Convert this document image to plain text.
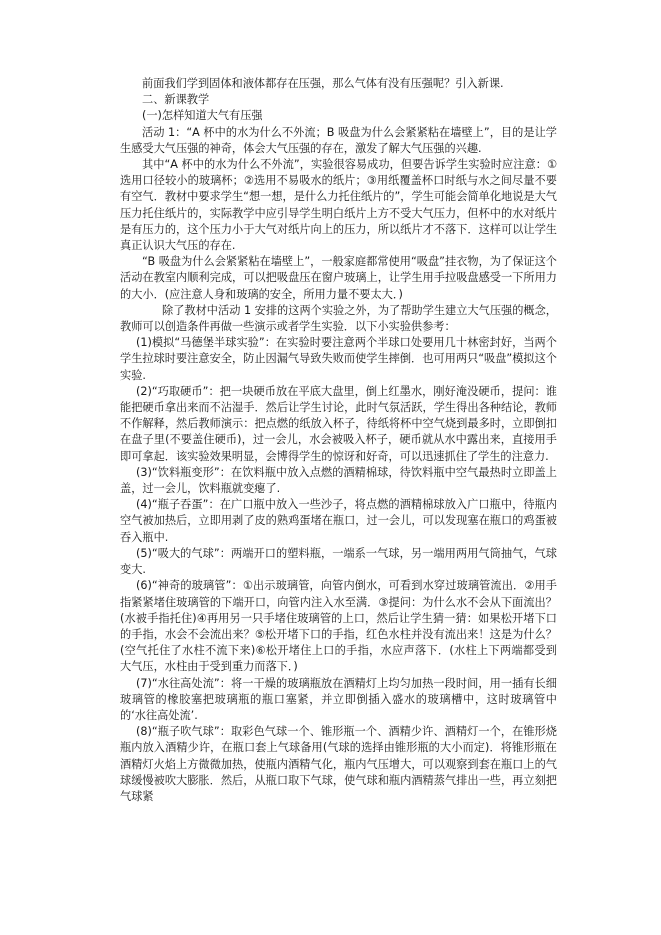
前面我们学到固体和液体都存在压强，那么气体有没有压强呢？引入新课.

二、新课教学

(一)怎样知道大气有压强

活动 1：“A 杯中的水为什么不外流；B 吸盘为什么会紧紧粘在墙壁上”，目的是让学生感受大气压强的神奇，体会大气压强的存在，激发了解大气压强的兴趣.

其中“A 杯中的水为什么不外流”，实验很容易成功，但要告诉学生实验时应注意：①选用口径较小的玻璃杯；②选用不易吸水的纸片；③用纸覆盖杯口时纸与水之间尽量不要有空气．教材中要求学生“想一想，是什么力托住纸片的”，学生可能会简单化地说是大气压力托住纸片的，实际教学中应引导学生明白纸片上方不受大气压力，但杯中的水对纸片是有压力的，这个压力小于大气对纸片向上的压力，所以纸片才不落下．这样可以让学生真正认识大气压的存在.

“B 吸盘为什么会紧紧粘在墙壁上”，一般家庭都常使用“吸盘”挂衣物，为了保证这个活动在教室内顺利完成，可以把吸盘压在窗户玻璃上，让学生用手拉吸盘感受一下所用力的大小．(应注意人身和玻璃的安全，所用力量不要太大．)

除了教材中活动 1 安排的这两个实验之外，为了帮助学生建立大气压强的概念，教师可以创造条件再做一些演示或者学生实验．以下小实验供参考：

(1)模拟“马德堡半球实验”：在实验时要注意两个半球口处要用几十林密封好，当两个学生拉球时要注意安全，防止因漏气导致失败而使学生摔倒．也可用两只“吸盘”模拟这个实验.

(2)“巧取硬币”：把一块硬币放在平底大盘里，倒上红墨水，刚好淹没硬币，提问：谁能把硬币拿出来而不沾湿手．然后让学生讨论，此时气氛活跃，学生得出各种结论，教师不作解释，然后教师演示：把点燃的纸放入杯子，待纸将杯中空气烧到最多时，立即倒扣在盘子里(不要盖住硬币)，过一会儿，水会被吸入杯子，硬币就从水中露出来，直接用手即可拿起．该实验效果明显，会博得学生的惊讶和好奇，可以迅速抓住了学生的注意力.

(3)“饮料瓶变形”：在饮料瓶中放入点燃的酒精棉球，待饮料瓶中空气最热时立即盖上盖，过一会儿，饮料瓶就变瘪了.

(4)“瓶子吞蛋”：在广口瓶中放入一些沙子，将点燃的酒精棉球放入广口瓶中，待瓶内空气被加热后，立即用剥了皮的熟鸡蛋堵在瓶口，过一会儿，可以发现塞在瓶口的鸡蛋被吞入瓶中.

(5)“吸大的气球”：两端开口的塑料瓶，一端系一气球，另一端用两用气筒抽气，气球变大.

(6)“神奇的玻璃管”：①出示玻璃管，向管内倒水，可看到水穿过玻璃管流出．②用手指紧紧堵住玻璃管的下端开口，向管内注入水至满．③提问：为什么水不会从下面流出？(水被手指托住)④再用另一只手堵住玻璃管的上口，然后让学生猜一猜：如果松开堵下口的手指，水会不会流出来？⑤松开堵下口的手指，红色水柱并没有流出来！这是为什么？(空气托住了水柱不流下来)⑥松开堵住上口的手指，水应声落下．(水柱上下两端都受到大气压，水柱由于受到重力而落下．)

(7)“水往高处流”：将一干燥的玻璃瓶放在酒精灯上均匀加热一段时间，用一插有长细玻璃管的橡胶塞把玻璃瓶的瓶口塞紧，并立即倒插入盛水的玻璃槽中，这时玻璃管中的‘水往高处流’.

(8)“瓶子吹气球”：取彩色气球一个、锥形瓶一个、酒精少许、酒精灯一个，在锥形烧瓶内放入酒精少许，在瓶口套上气球备用(气球的选择由锥形瓶的大小而定)．将锥形瓶在酒精灯火焰上方微微加热，使瓶内酒精气化，瓶内气压增大，可以观察到套在瓶口上的气球缓慢被吹大膨胀．然后，从瓶口取下气球，使气球和瓶内酒精蒸气排出一些，再立刻把气球紧
